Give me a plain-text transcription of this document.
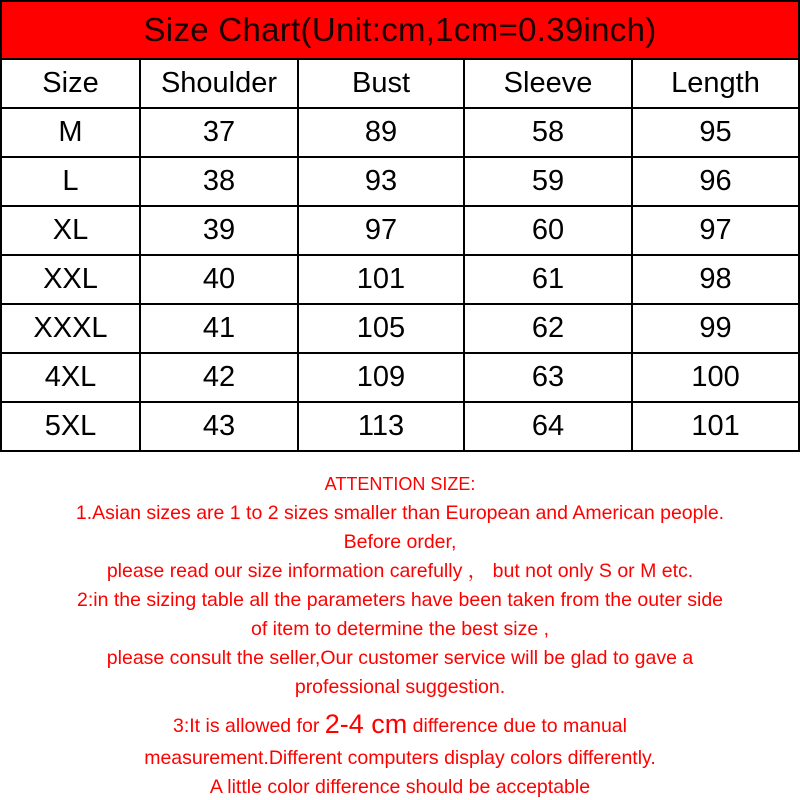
Size Chart(Unit:cm,1cm=0.39inch)				
Size	Shoulder	Bust	Sleeve	Length
M	37	89	58	95
L	38	93	59	96
XL	39	97	60	97
XXL	40	101	61	98
XXXL	41	105	62	99
4XL	42	109	63	100
5XL	43	113	64	101
ATTENTION SIZE:
1.Asian sizes are 1 to 2 sizes smaller than European and American people.
Before order,
please read our size information carefully ， but not only S or M etc.
2:in the sizing table all the parameters have been taken from the outer side
of item to determine the best size ,
please consult the seller,Our customer service will be glad to gave a
professional suggestion.
3:It is allowed for 2-4 cm difference due to manual
measurement.Different computers display colors differently.
A little color difference should be acceptable
